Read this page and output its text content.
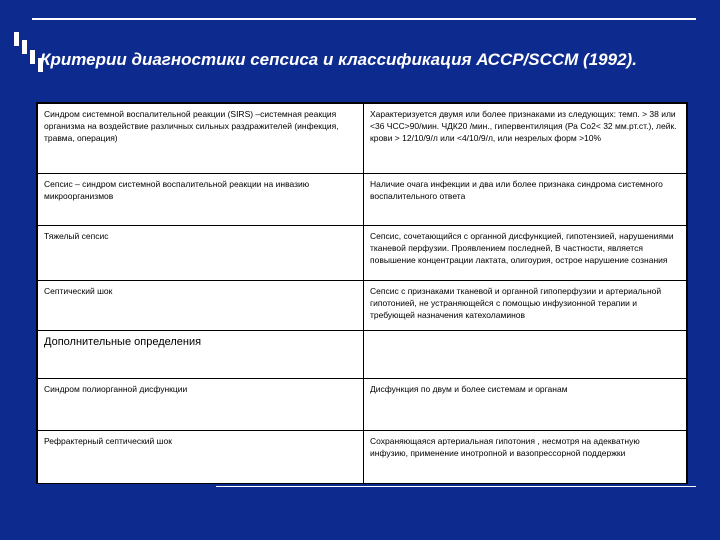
Критерии диагностики сепсиса и классификация АССР/SCCM (1992).
Синдром системной воспалительной реакции (SIRS) –системная реакция организма на воздействие различных сильных раздражителей (инфекция, травма, операция)	Характеризуется двумя или более признаками из следующих: темп. > 38 или <36 ЧСС>90/мин. ЧДК20 /мин., гипервентиляция (Ра Со2< 32 мм.рт.ст.), лейк. крови > 12/10/9/л или <4/10/9/л, или незрелых форм >10%
Сепсис – синдром системной воспалительной реакции на инвазию микроорганизмов	Наличие очага инфекции и два или более признака синдрома системного воспалительного ответа
Тяжелый сепсис	Сепсис, сочетающийся с органной дисфункцией, гипотензией, нарушениями тканевой перфузии. Проявлением последней, В частности, является повышение концентрации лактата, олигоурия, острое нарушение сознания
Септический шок	Сепсис с признаками тканевой и органной гипоперфузии и артериальной гипотонией, не устраняющейся с помощью инфузионной терапии и требующей назначения катехоламинов
Дополнительные определения	
Синдром полиорганной дисфункции	Дисфункция по двум и более системам и органам
Рефрактерный септический шок	Сохраняющаяся артериальная гипотония , несмотря на адекватную инфузию, применение инотропной и вазопрессорной поддержки
